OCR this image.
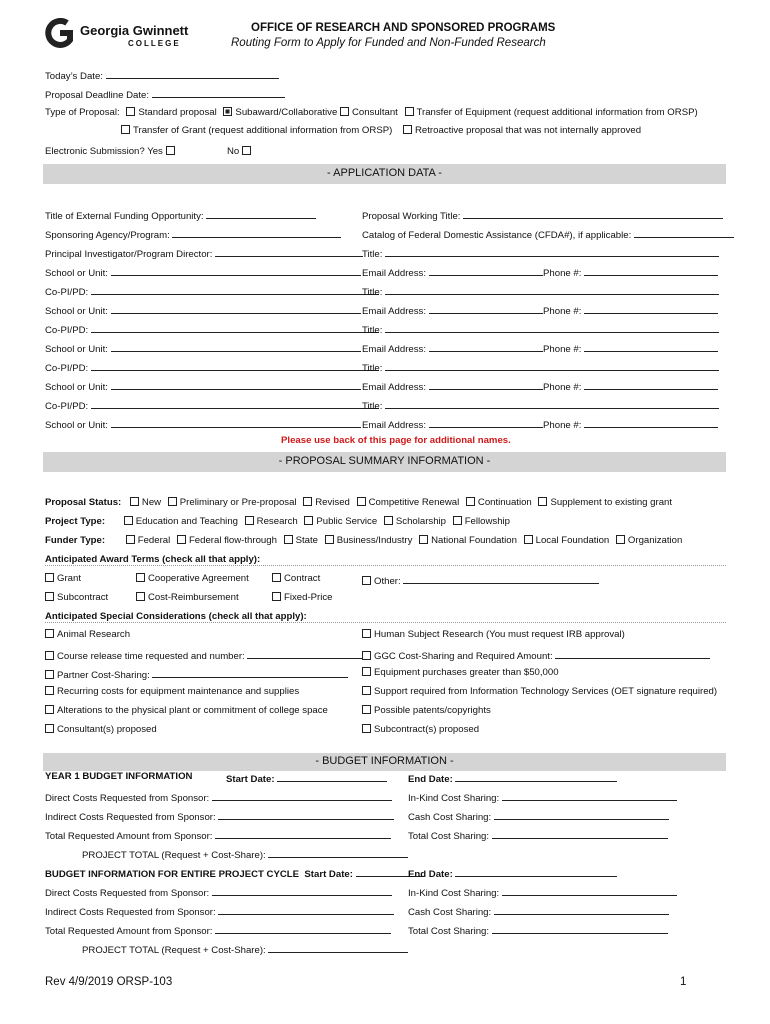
Georgia Gwinnett
COLLEGE
OFFICE OF RESEARCH AND SPONSORED PROGRAMS
Routing Form to Apply for Funded and Non-Funded Research
Today’s Date:
Proposal Deadline Date:
Type of Proposal: Standard proposal Subaward/Collaborative Consultant Transfer of Equipment (request additional information from ORSP)
Transfer of Grant (request additional information from ORSP) Retroactive proposal that was not internally approved
Electronic Submission? Yes	No
- APPLICATION DATA -
Title of External Funding Opportunity:	Proposal Working Title:
Sponsoring Agency/Program:	Catalog of Federal Domestic Assistance (CFDA#), if applicable:
Principal Investigator/Program Director:	Title:
School or Unit:	Email Address:	Phone #:
Co-PI/PD:	Title:
School or Unit:	Email Address:	Phone #:
Co-PI/PD:	Title:
School or Unit:	Email Address:	Phone #:
Co-PI/PD:	Title:
School or Unit:	Email Address:	Phone #:
Co-PI/PD:	Title:
School or Unit:	Email Address:	Phone #:
Please use back of this page for additional names.
- PROPOSAL SUMMARY INFORMATION -
Proposal Status: New Preliminary or Pre-proposal Revised Competitive Renewal Continuation Supplement to existing grant
Project Type:	Education and Teaching Research Public Service Scholarship Fellowship
Funder Type:	Federal Federal flow-through State Business/Industry National Foundation Local Foundation Organization
Anticipated Award Terms (check all that apply):
Grant	Cooperative Agreement	Contract	Other:
Subcontract	Cost-Reimbursement	Fixed-Price
Anticipated Special Considerations (check all that apply):
Animal Research	Human Subject Research (You must request IRB approval)
Course release time requested and number:	GGC Cost-Sharing and Required Amount:
Partner Cost-Sharing:	Equipment purchases greater than $50,000
Recurring costs for equipment maintenance and supplies	Support required from Information Technology Services (OET signature required)
Alterations to the physical plant or commitment of college space	Possible patents/copyrights
Consultant(s) proposed	Subcontract(s) proposed
- BUDGET INFORMATION -
YEAR 1 BUDGET INFORMATION	Start Date:	End Date:
Direct Costs Requested from Sponsor:	In-Kind Cost Sharing:
Indirect Costs Requested from Sponsor:	Cash Cost Sharing:
Total Requested Amount from Sponsor:	Total Cost Sharing:
PROJECT TOTAL (Request + Cost-Share):
BUDGET INFORMATION FOR ENTIRE PROJECT CYCLE Start Date:	End Date:
Direct Costs Requested from Sponsor:	In-Kind Cost Sharing:
Indirect Costs Requested from Sponsor:	Cash Cost Sharing:
Total Requested Amount from Sponsor:	Total Cost Sharing:
PROJECT TOTAL (Request + Cost-Share):
Rev 4/9/2019 ORSP-103	1
